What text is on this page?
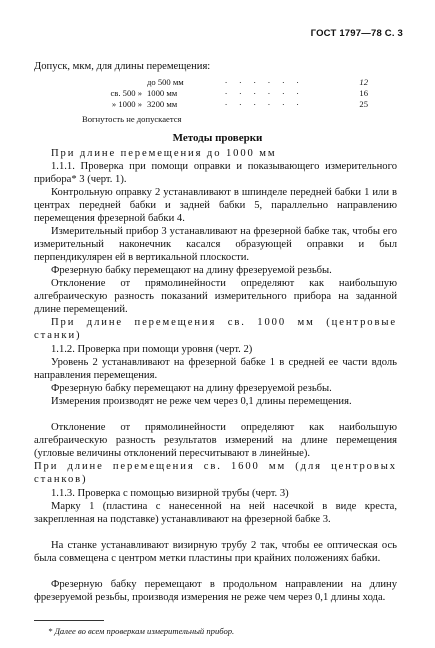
ГОСТ 1797—78 С. 3
Допуск, мкм, для длины перемещения:
до 500 мм	. . . . . .	12
св. 500 » 1000 мм	. . . . . .	16
» 1000 » 3200 мм	. . . . . .	25
Вогнутость не допускается
Методы проверки

При длине перемещения до 1000 мм

1.1.1. Проверка при помощи оправки и показывающего измерительного прибора* 3 (черт. 1).

Контрольную оправку 2 устанавливают в шпинделе передней бабки 1 или в центрах передней бабки и задней бабки 5, параллельно направлению перемещения фрезерной бабки 4.

Измерительный прибор 3 устанавливают на фрезерной бабке так, чтобы его измерительный наконечник касался образующей оправки и был перпендикулярен ей в вертикальной плоскости.

Фрезерную бабку перемещают на длину фрезеруемой резьбы.

Отклонение от прямолинейности определяют как наибольшую алгебраическую разность показаний измерительного прибора на заданной длине перемещений.

При длине перемещения св. 1000 мм (центровые станки)

1.1.2. Проверка при помощи уровня (черт. 2)

Уровень 2 устанавливают на фрезерной бабке 1 в средней ее части вдоль направления перемещения.

Фрезерную бабку перемещают на длину фрезеруемой резьбы.

Измерения производят не реже чем через 0,1 длины перемещения.

Отклонение от прямолинейности определяют как наибольшую алгебраическую разность результатов измерений на длине перемещения (угловые величины отклонений пересчитывают в линейные).

При длине перемещения св. 1600 мм (для центровых станков)

1.1.3. Проверка с помощью визирной трубы (черт. 3)

Марку 1 (пластина с нанесенной на ней насечкой в виде креста, закрепленная на подставке) устанавливают на фрезерной бабке 3.

На станке устанавливают визирную трубу 2 так, чтобы ее оптическая ось была совмещена с центром метки пластины при крайних положениях бабки.

Фрезерную бабку перемещают в продольном направлении на длину фрезеруемой резьбы, производя измерения не реже чем через 0,1 длины хода.

* Далее во всем проверкам измерительный прибор.
